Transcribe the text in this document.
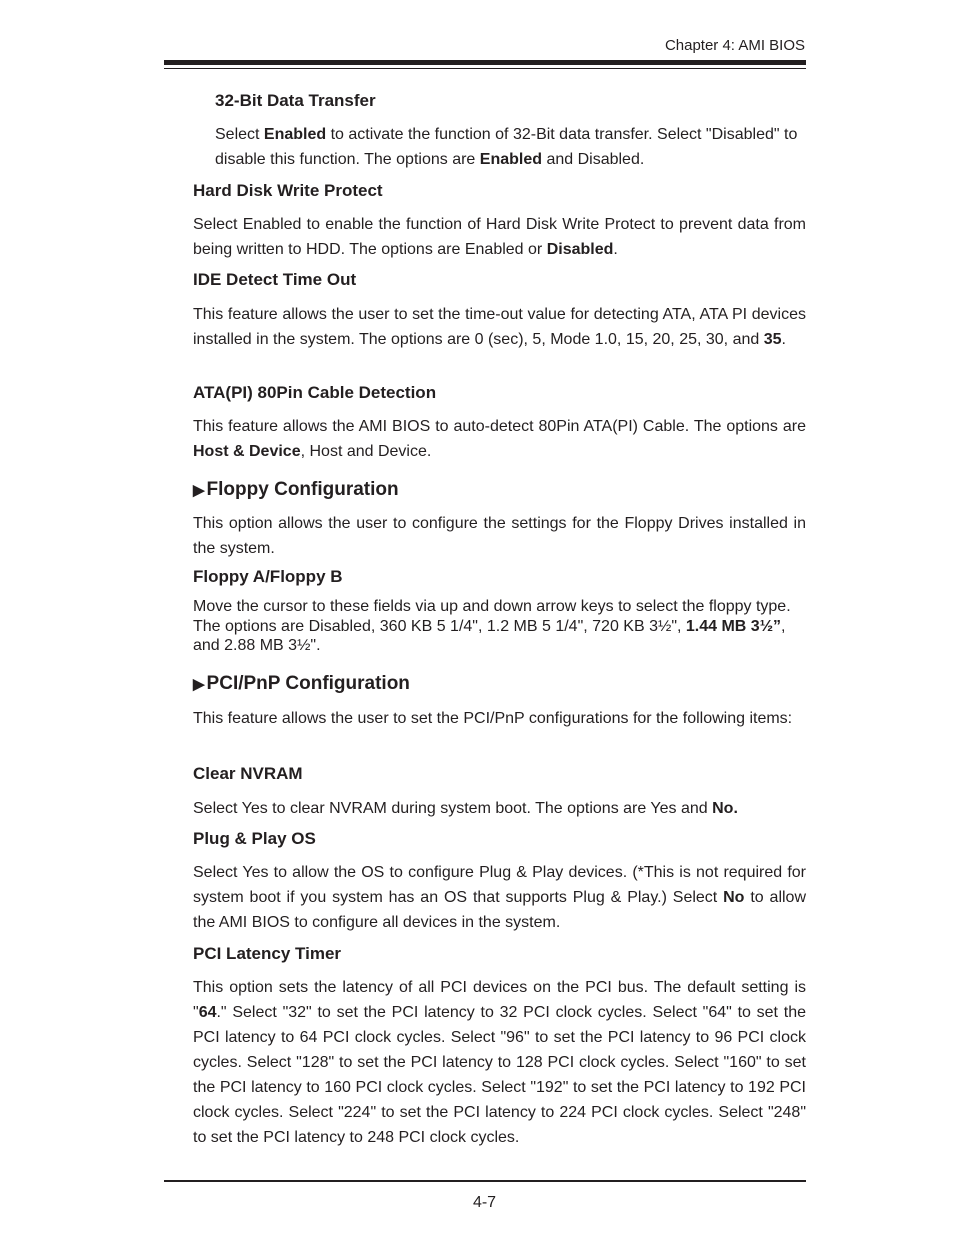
Chapter 4: AMI BIOS
32-Bit Data Transfer
Select Enabled to activate the function of 32-Bit data transfer. Select "Disabled" to disable this function. The options are Enabled and Disabled.
Hard Disk Write Protect
Select Enabled to enable the function of Hard Disk Write Protect to prevent data from being written to HDD. The options are Enabled or Disabled.
IDE Detect Time Out
This feature allows the user to set the time-out value for detecting ATA, ATA PI devices installed in the system. The options are 0 (sec), 5, Mode 1.0, 15, 20, 25, 30, and 35.
ATA(PI) 80Pin Cable Detection
This feature allows the AMI BIOS to auto-detect 80Pin ATA(PI) Cable. The options are Host & Device, Host and Device.
▶ Floppy Configuration
This option allows the user to configure the settings for the Floppy Drives installed in the system.
Floppy A/Floppy B
Move the cursor to these fields via up and down arrow keys to select the floppy type. The options are Disabled, 360 KB 5 1/4", 1.2 MB 5 1/4", 720 KB 3½", 1.44 MB 3½”, and 2.88 MB 3½".
▶ PCI/PnP Configuration
This feature allows the user to set the PCI/PnP configurations for the following items:
Clear NVRAM
Select Yes to clear NVRAM during system boot. The options are Yes and No.
Plug & Play OS
Select Yes to allow the OS to configure Plug & Play devices. (*This is not required for system boot if you system has an OS that supports Plug & Play.) Select No to allow the AMI BIOS to configure all devices in the system.
PCI Latency Timer
This option sets the latency of all PCI devices on the PCI bus. The default setting is "64." Select "32" to set the PCI latency to 32 PCI clock cycles. Select "64" to set the PCI latency to 64 PCI clock cycles. Select "96" to set the PCI latency to 96 PCI clock cycles. Select "128" to set the PCI latency to 128 PCI clock cycles. Select "160" to set the PCI latency to 160 PCI clock cycles. Select "192" to set the PCI latency to 192 PCI clock cycles. Select "224" to set the PCI latency to 224 PCI clock cycles. Select "248" to set the PCI latency to 248 PCI clock cycles.
4-7
